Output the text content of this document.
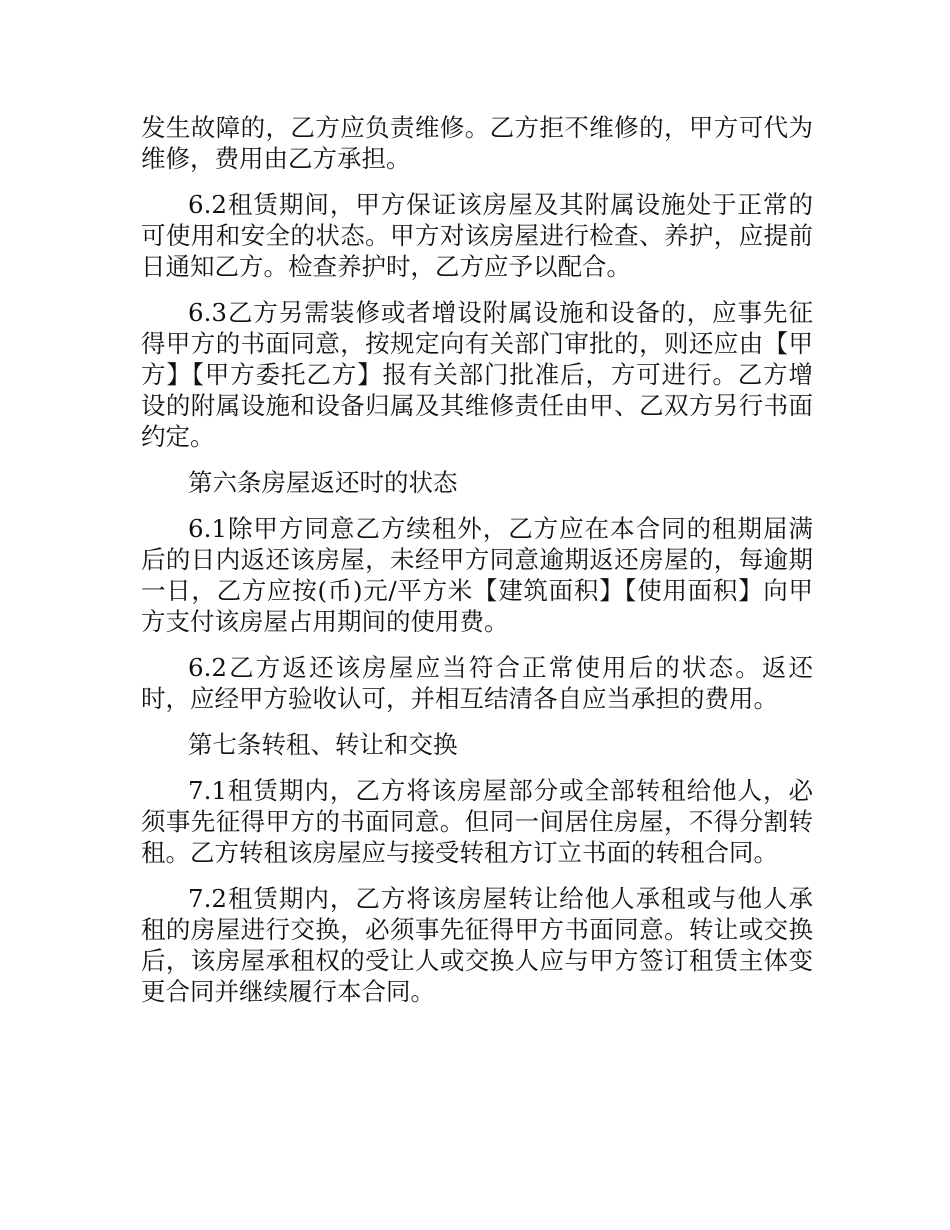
发生故障的，乙方应负责维修。乙方拒不维修的，甲方可代为维修，费用由乙方承担。

6.2租赁期间，甲方保证该房屋及其附属设施处于正常的可使用和安全的状态。甲方对该房屋进行检查、养护，应提前日通知乙方。检查养护时，乙方应予以配合。

6.3乙方另需装修或者增设附属设施和设备的，应事先征得甲方的书面同意，按规定向有关部门审批的，则还应由【甲方】【甲方委托乙方】报有关部门批准后，方可进行。乙方增设的附属设施和设备归属及其维修责任由甲、乙双方另行书面约定。

第六条房屋返还时的状态

6.1除甲方同意乙方续租外，乙方应在本合同的租期届满后的日内返还该房屋，未经甲方同意逾期返还房屋的，每逾期一日，乙方应按(币)元/平方米【建筑面积】【使用面积】向甲方支付该房屋占用期间的使用费。

6.2乙方返还该房屋应当符合正常使用后的状态。返还时，应经甲方验收认可，并相互结清各自应当承担的费用。

第七条转租、转让和交换

7.1租赁期内，乙方将该房屋部分或全部转租给他人，必须事先征得甲方的书面同意。但同一间居住房屋，不得分割转租。乙方转租该房屋应与接受转租方订立书面的转租合同。

7.2租赁期内，乙方将该房屋转让给他人承租或与他人承租的房屋进行交换，必须事先征得甲方书面同意。转让或交换后，该房屋承租权的受让人或交换人应与甲方签订租赁主体变更合同并继续履行本合同。
